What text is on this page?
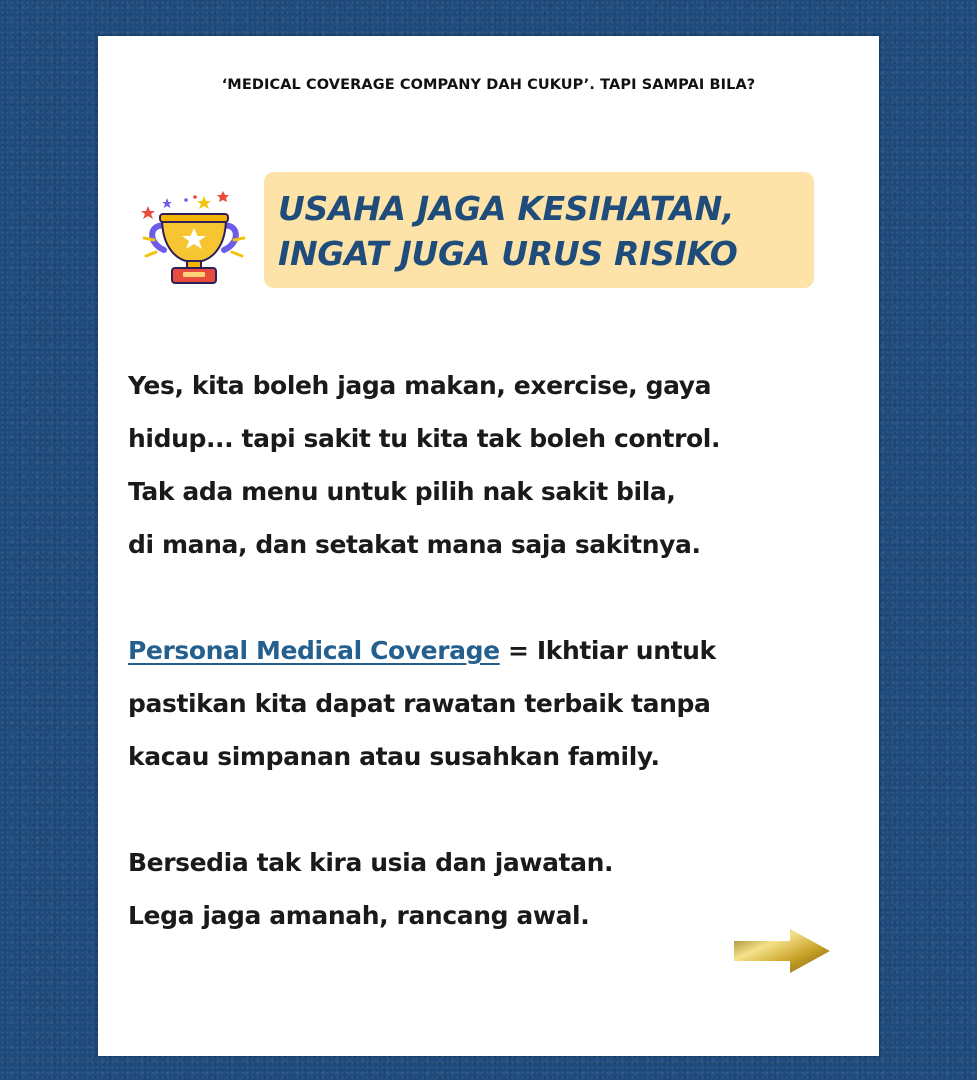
‘MEDICAL COVERAGE COMPANY DAH CUKUP’. TAPI SAMPAI BILA?

USAHA JAGA KESIHATAN,
INGAT JUGA URUS RISIKO

Yes, kita boleh jaga makan, exercise, gaya
hidup... tapi sakit tu kita tak boleh control.
Tak ada menu untuk pilih nak sakit bila,
di mana, dan setakat mana saja sakitnya.

Personal Medical Coverage = Ikhtiar untuk
pastikan kita dapat rawatan terbaik tanpa
kacau simpanan atau susahkan family.

Bersedia tak kira usia dan jawatan.
Lega jaga amanah, rancang awal.
